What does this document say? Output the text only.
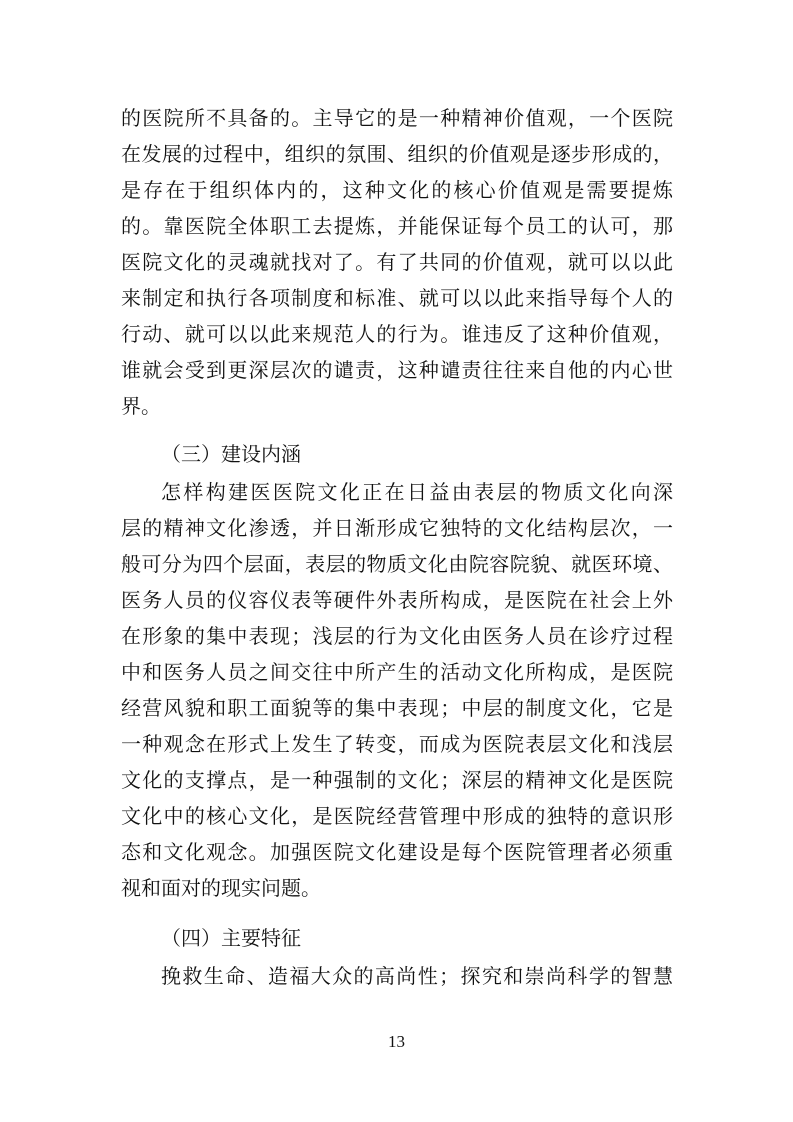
的医院所不具备的。主导它的是一种精神价值观，一个医院
在发展的过程中，组织的氛围、组织的价值观是逐步形成的，
是存在于组织体内的，这种文化的核心价值观是需要提炼
的。靠医院全体职工去提炼，并能保证每个员工的认可，那
医院文化的灵魂就找对了。有了共同的价值观，就可以以此
来制定和执行各项制度和标准、就可以以此来指导每个人的
行动、就可以以此来规范人的行为。谁违反了这种价值观，
谁就会受到更深层次的谴责，这种谴责往往来自他的内心世
界。
（三）建设内涵
怎样构建医医院文化正在日益由表层的物质文化向深
层的精神文化渗透，并日渐形成它独特的文化结构层次，一
般可分为四个层面，表层的物质文化由院容院貌、就医环境、
医务人员的仪容仪表等硬件外表所构成，是医院在社会上外
在形象的集中表现；浅层的行为文化由医务人员在诊疗过程
中和医务人员之间交往中所产生的活动文化所构成，是医院
经营风貌和职工面貌等的集中表现；中层的制度文化，它是
一种观念在形式上发生了转变，而成为医院表层文化和浅层
文化的支撑点，是一种强制的文化；深层的精神文化是医院
文化中的核心文化，是医院经营管理中形成的独特的意识形
态和文化观念。加强医院文化建设是每个医院管理者必须重
视和面对的现实问题。
（四）主要特征
挽救生命、造福大众的高尚性；探究和崇尚科学的智慧
13
